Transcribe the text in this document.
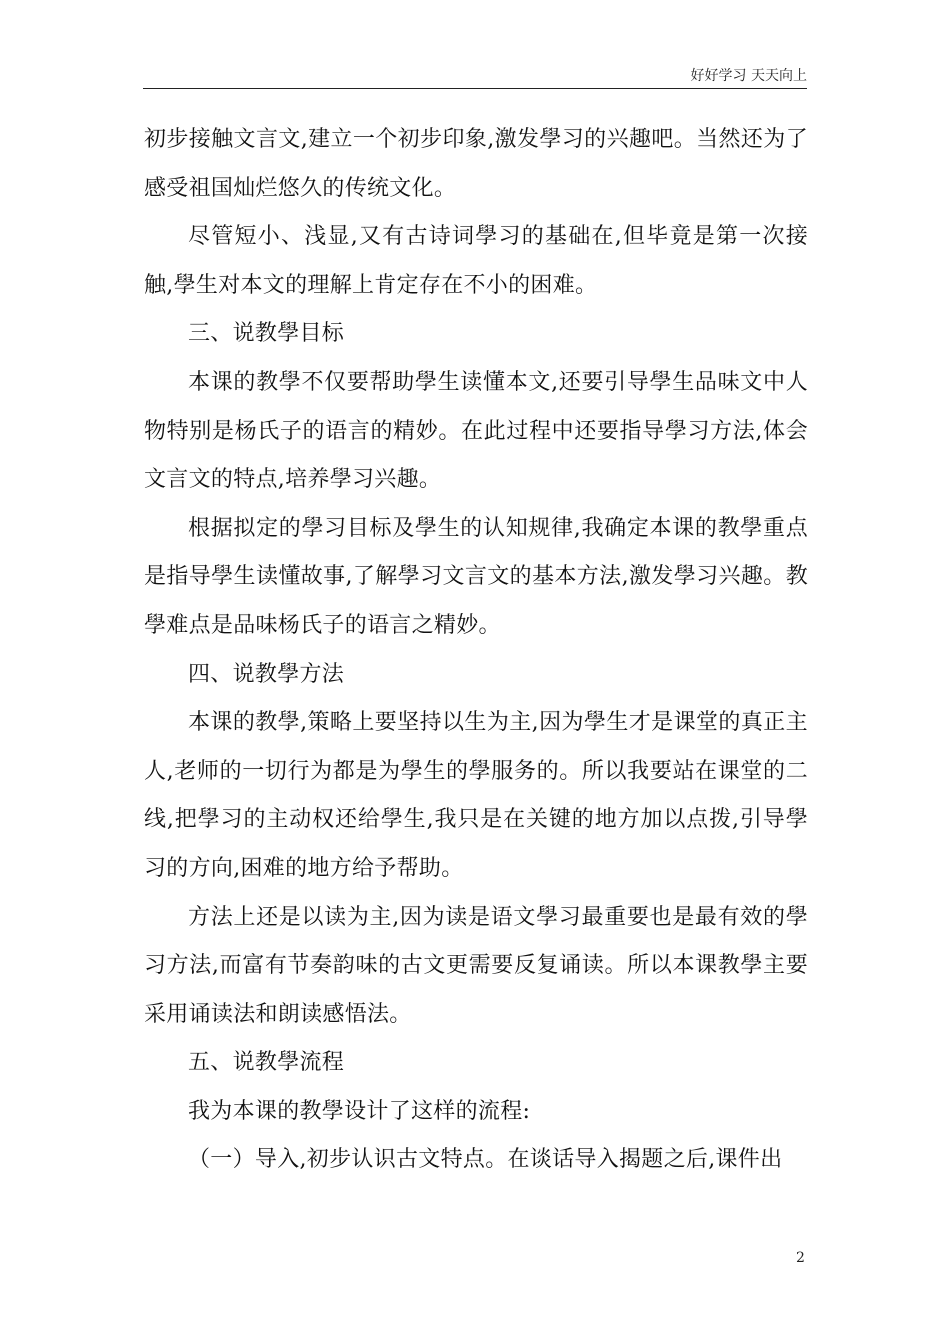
好好学习 天天向上

初步接触文言文,建立一个初步印象,激发學习的兴趣吧。当然还为了感受祖国灿烂悠久的传统文化。

尽管短小、浅显,又有古诗词學习的基础在,但毕竟是第一次接触,學生对本文的理解上肯定存在不小的困难。

三、说教學目标

本课的教學不仅要帮助學生读懂本文,还要引导學生品味文中人物特别是杨氏子的语言的精妙。在此过程中还要指导學习方法,体会文言文的特点,培养學习兴趣。

根据拟定的學习目标及學生的认知规律,我确定本课的教學重点是指导學生读懂故事,了解學习文言文的基本方法,激发學习兴趣。教學难点是品味杨氏子的语言之精妙。

四、说教學方法

本课的教學,策略上要坚持以生为主,因为學生才是课堂的真正主人,老师的一切行为都是为學生的學服务的。所以我要站在课堂的二线,把學习的主动权还给學生,我只是在关键的地方加以点拨,引导學习的方向,困难的地方给予帮助。

方法上还是以读为主,因为读是语文學习最重要也是最有效的學习方法,而富有节奏韵味的古文更需要反复诵读。所以本课教學主要采用诵读法和朗读感悟法。

五、说教學流程

我为本课的教學设计了这样的流程:

（一）导入,初步认识古文特点。在谈话导入揭题之后,课件出

2
